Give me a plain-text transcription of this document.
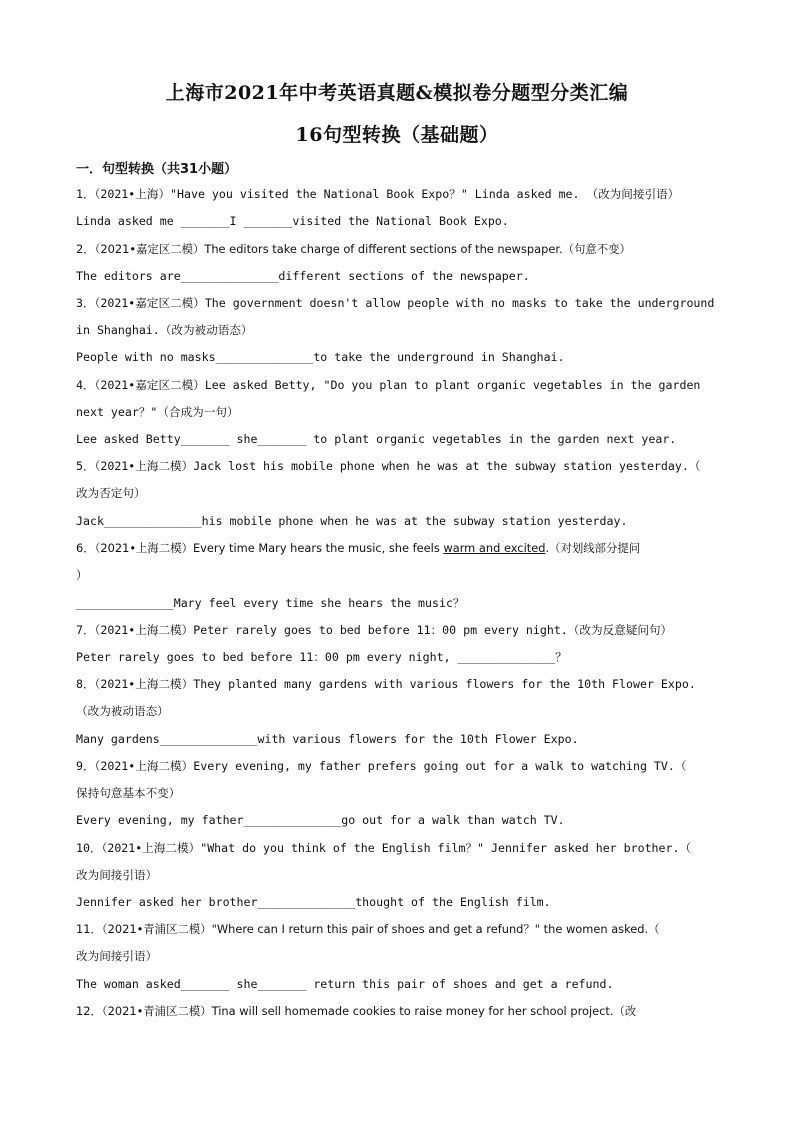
上海市2021年中考英语真题&模拟卷分题型分类汇编
16句型转换（基础题）
一．句型转换（共31小题）
1．（2021•上海）"Have you visited the National Book Expo？" Linda asked me. （改为间接引语）
Linda asked me _______I _______visited the National Book Expo.
2．（2021•嘉定区二模）The editors take charge of different sections of the newspaper.（句意不变）
The editors are______________different sections of the newspaper.
3．（2021•嘉定区二模）The government doesn't allow people with no masks to take the underground
in Shanghai.（改为被动语态）
People with no masks______________to take the underground in Shanghai.
4．（2021•嘉定区二模）Lee asked Betty, "Do you plan to plant organic vegetables in the garden
next year？"（合成为一句）
Lee asked Betty_______ she_______ to plant organic vegetables in the garden next year.
5．（2021•上海二模）Jack lost his mobile phone when he was at the subway station yesterday.（
改为否定句）
Jack______________his mobile phone when he was at the subway station yesterday.
6．（2021•上海二模）Every time Mary hears the music, she feels warm and excited.（对划线部分提问
）
______________Mary feel every time she hears the music？
7．（2021•上海二模）Peter rarely goes to bed before 11：00 pm every night.（改为反意疑问句）
Peter rarely goes to bed before 11：00 pm every night, ______________？
8．（2021•上海二模）They planted many gardens with various flowers for the 10th Flower Expo.
（改为被动语态）
Many gardens______________with various flowers for the 10th Flower Expo.
9．（2021•上海二模）Every evening, my father prefers going out for a walk to watching TV.（
保持句意基本不变）
Every evening, my father______________go out for a walk than watch TV.
10．（2021•上海二模）"What do you think of the English film？" Jennifer asked her brother.（
改为间接引语）
Jennifer asked her brother______________thought of the English film.
11．（2021•青浦区二模）"Where can I return this pair of shoes and get a refund？" the women asked.（
改为间接引语）
The woman asked_______ she_______ return this pair of shoes and get a refund.
12．（2021•青浦区二模）Tina will sell homemade cookies to raise money for her school project.（改
